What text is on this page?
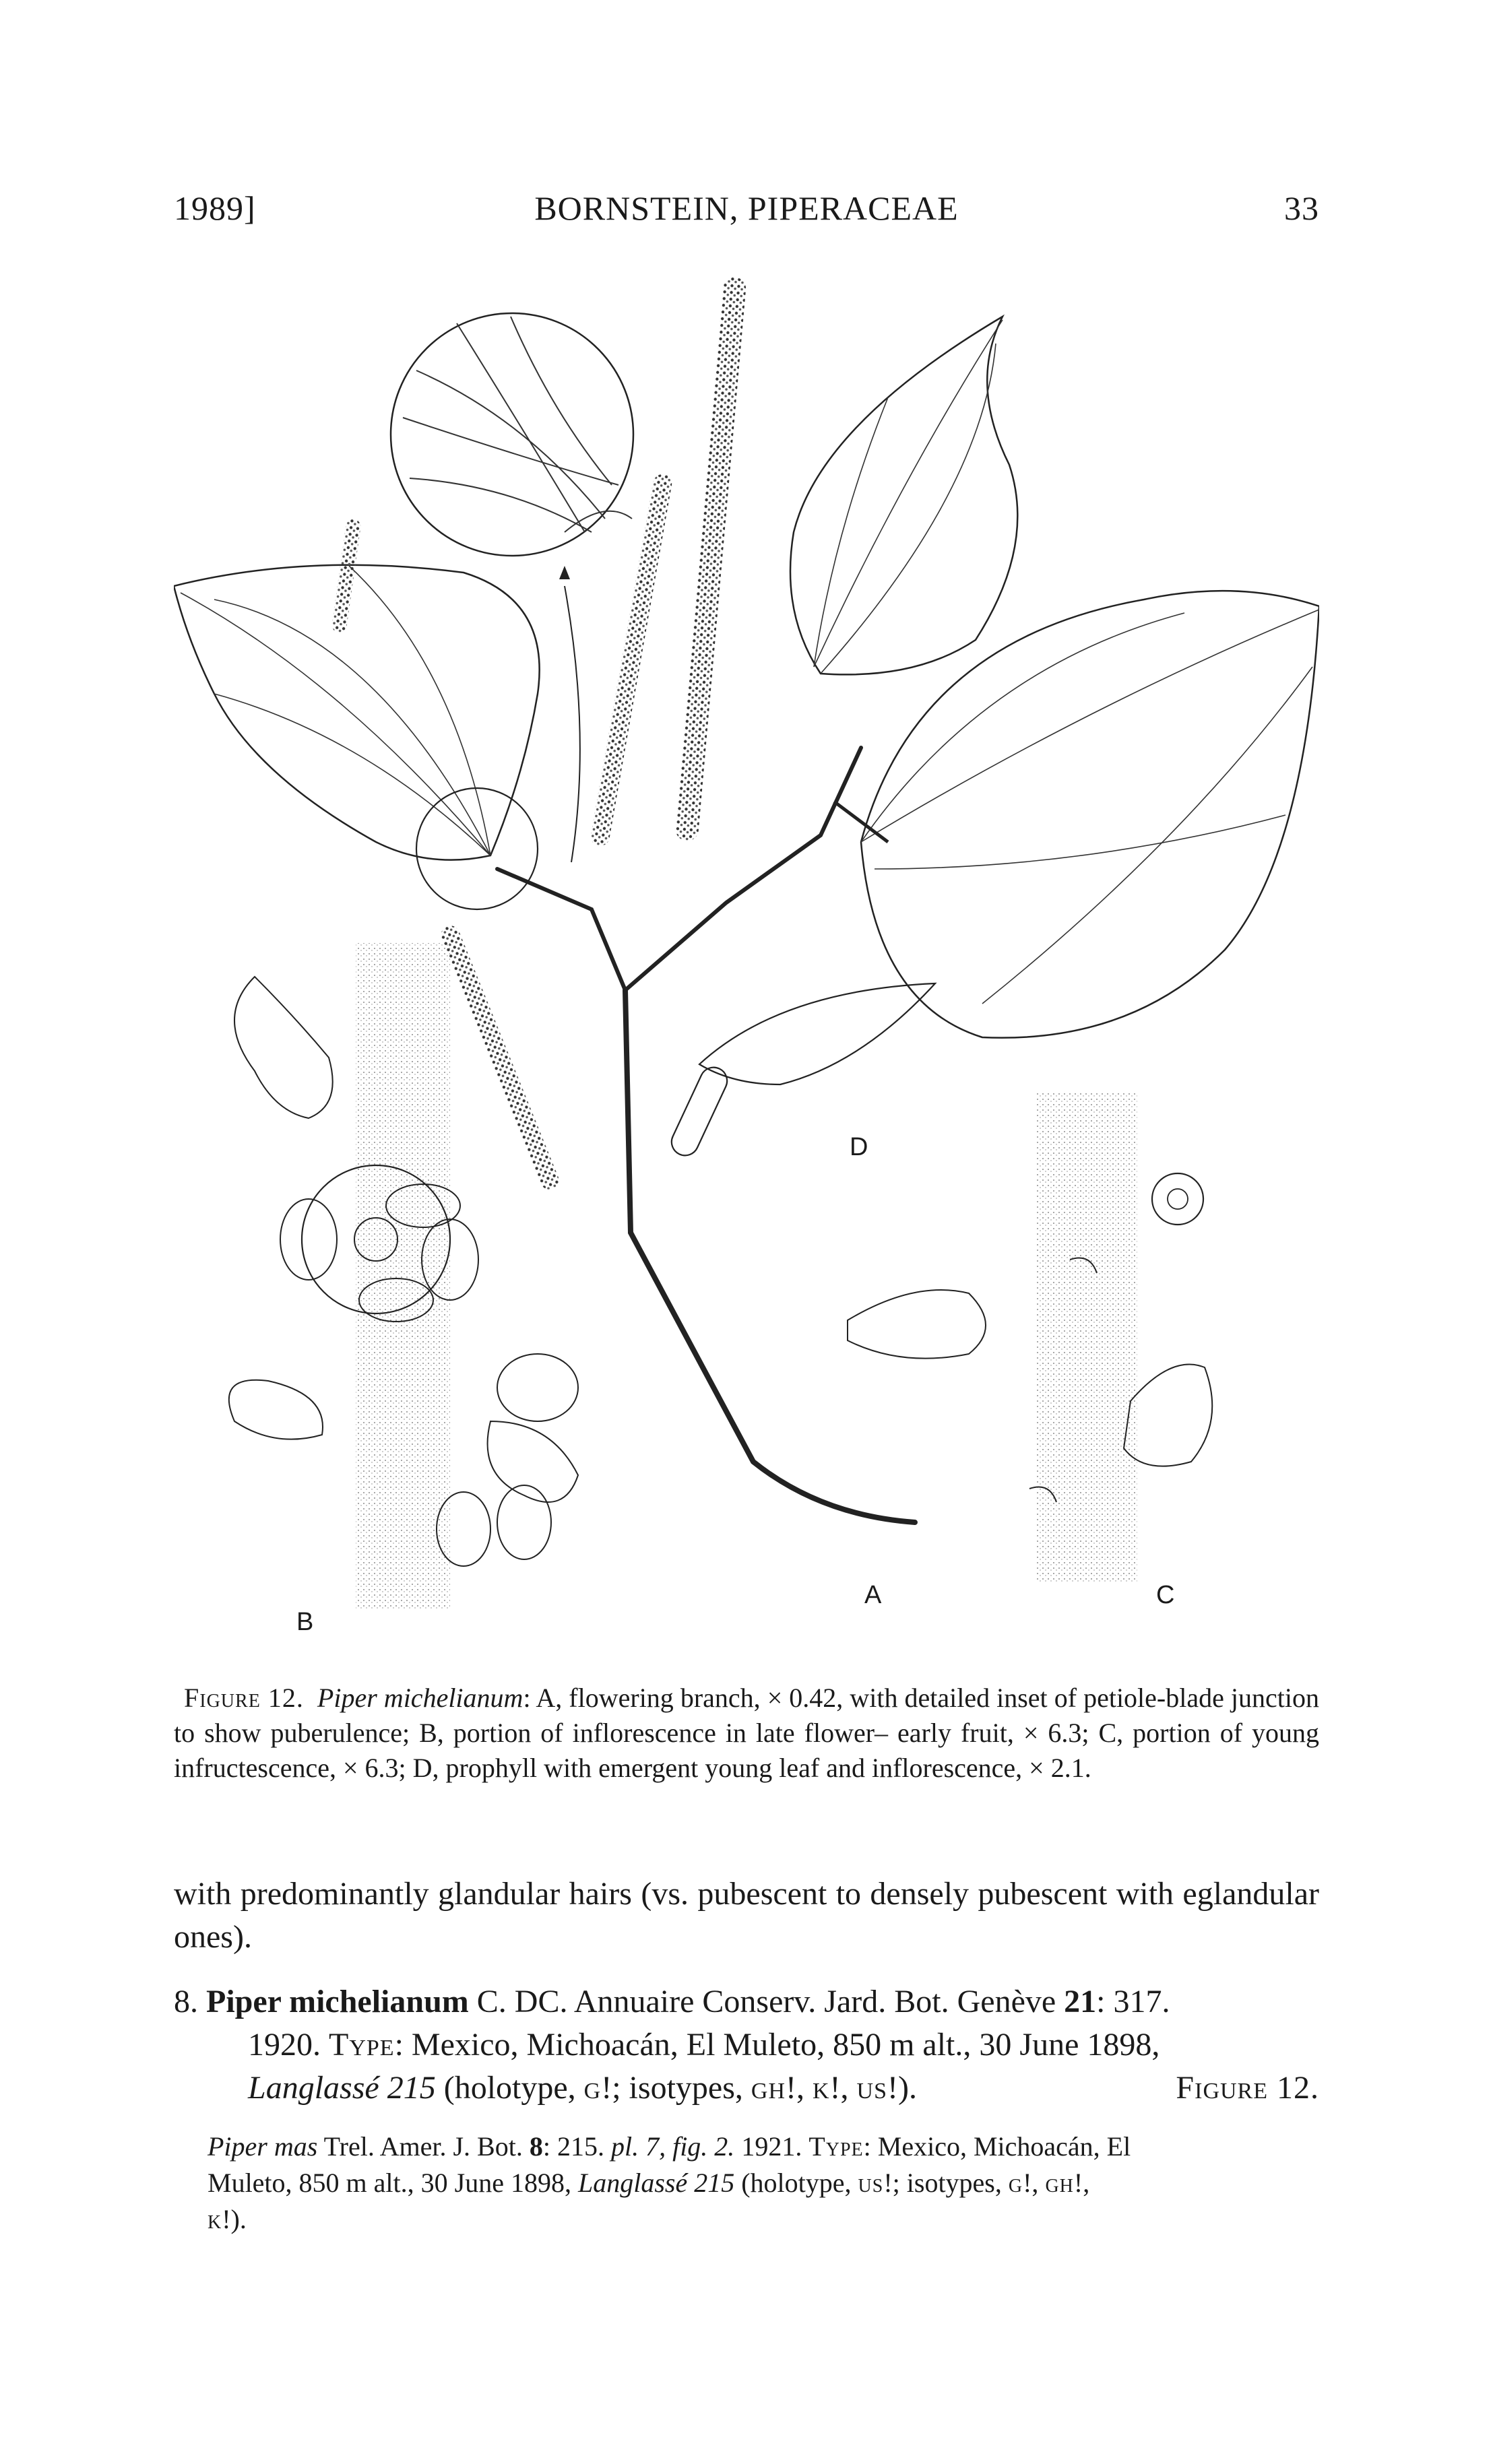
1989]	BORNSTEIN, PIPERACEAE	33
D
A
B
C
Figure 12. Piper michelianum: A, flowering branch, × 0.42, with detailed inset of petiole-blade junction to show puberulence; B, portion of inflorescence in late flower– early fruit, × 6.3; C, portion of young infructescence, × 6.3; D, prophyll with emergent young leaf and inflorescence, × 2.1.
with predominantly glandular hairs (vs. pubescent to densely pubescent with eglandular ones).
8. Piper michelianum C. DC. Annuaire Conserv. Jard. Bot. Genève 21: 317.
1920. Type: Mexico, Michoacán, El Muleto, 850 m alt., 30 June 1898,
Langlassé 215 (holotype, g!; isotypes, gh!, k!, us!).	Figure 12.
Piper mas Trel. Amer. J. Bot. 8: 215. pl. 7, fig. 2. 1921. Type: Mexico, Michoacán, El
Muleto, 850 m alt., 30 June 1898, Langlassé 215 (holotype, us!; isotypes, g!, gh!,
k!).
